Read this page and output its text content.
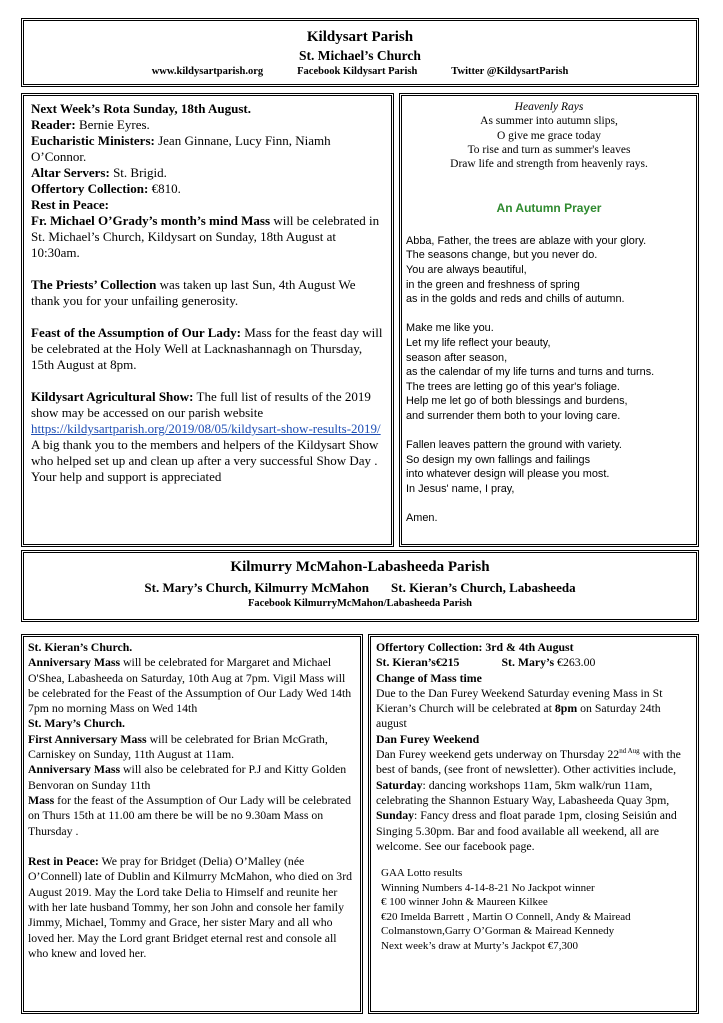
Kildysart Parish
St. Michael’s Church
www.kildysartparish.org	Facebook Kildysart Parish	Twitter @KildysartParish

Next Week’s Rota Sunday, 18th August.

Reader: Bernie Eyres.

Eucharistic Ministers: Jean Ginnane, Lucy Finn, Niamh O’Connor.

Altar Servers: St. Brigid.

Offertory Collection: €810.

Rest in Peace:

Fr. Michael O’Grady’s month’s mind Mass will be celebrated in St. Michael’s Church, Kildysart on Sunday, 18th August at 10:30am.

The Priests’ Collection was taken up last Sun, 4th August We thank you for your unfailing generosity.

Feast of the Assumption of Our Lady: Mass for the feast day will be celebrated at the Holy Well at Lacknashannagh on Thursday, 15th August at 8pm.

Kildysart Agricultural Show: The full list of results of the 2019 show may be accessed on our parish website https://kildysartparish.org/2019/08/05/kildysart-show-results-2019/

A big thank you to the members and helpers of the Kildysart Show who helped set up and clean up after a very successful Show Day . Your help and support is appreciated

Heavenly Rays
As summer into autumn slips,
O give me grace today
To rise and turn as summer's leaves
Draw life and strength from heavenly rays.
An Autumn Prayer
Abba, Father, the trees are ablaze with your glory.
The seasons change, but you never do.
You are always beautiful,
in the green and freshness of spring
as in the golds and reds and chills of autumn.
Make me like you.
Let my life reflect your beauty,
season after season,
as the calendar of my life turns and turns and turns.
The trees are letting go of this year's foliage.
Help me let go of both blessings and burdens,
and surrender them both to your loving care.
Fallen leaves pattern the ground with variety.
So design my own fallings and failings
into whatever design will please you most.
In Jesus' name, I pray,
Amen.
Kilmurry McMahon-Labasheeda Parish
St. Mary’s Church, Kilmurry McMahon St. Kieran’s Church, Labasheeda
Facebook KilmurryMcMahon/Labasheeda Parish

St. Kieran’s Church.

Anniversary Mass will be celebrated for Margaret and Michael O'Shea, Labasheeda on Saturday, 10th Aug at 7pm. Vigil Mass will be celebrated for the Feast of the Assumption of Our Lady Wed 14th 7pm no morning Mass on Wed 14th

St. Mary’s Church.

First Anniversary Mass will be celebrated for Brian McGrath, Carniskey on Sunday, 11th August at 11am.

Anniversary Mass will also be celebrated for P.J and Kitty Golden Benvoran on Sunday 11th

Mass for the feast of the Assumption of Our Lady will be celebrated on Thurs 15th at 11.00 am there be will be no 9.30am Mass on Thursday .

Rest in Peace: We pray for Bridget (Delia) O’Malley (née O’Connell) late of Dublin and Kilmurry McMahon, who died on 3rd August 2019. May the Lord take Delia to Himself and reunite her with her late husband Tommy, her son John and console her family Jimmy, Michael, Tommy and Grace, her sister Mary and all who loved her. May the Lord grant Bridget eternal rest and console all who knew and loved her.

Offertory Collection: 3rd & 4th August

St. Kieran’s€215	St. Mary’s €263.00

Change of Mass time

Due to the Dan Furey Weekend Saturday evening Mass in St Kieran’s Church will be celebrated at 8pm on Saturday 24th august

Dan Furey Weekend

Dan Furey weekend gets underway on Thursday $22^{nd Aug}$ with the best of bands, (see front of newsletter). Other activities include,

Saturday: dancing workshops 11am, 5km walk/run 11am, celebrating the Shannon Estuary Way, Labasheeda Quay 3pm,

Sunday: Fancy dress and float parade 1pm, closing Seisiún and Singing 5.30pm. Bar and food available all weekend, all are welcome. See our facebook page.

GAA Lotto results
Winning Numbers 4-14-8-21 No Jackpot winner
€ 100 winner John & Maureen Kilkee
€20 Imelda Barrett , Martin O Connell, Andy & Mairead Colmanstown,Garry O’Gorman & Mairead Kennedy
Next week’s draw at Murty’s Jackpot €7,300
